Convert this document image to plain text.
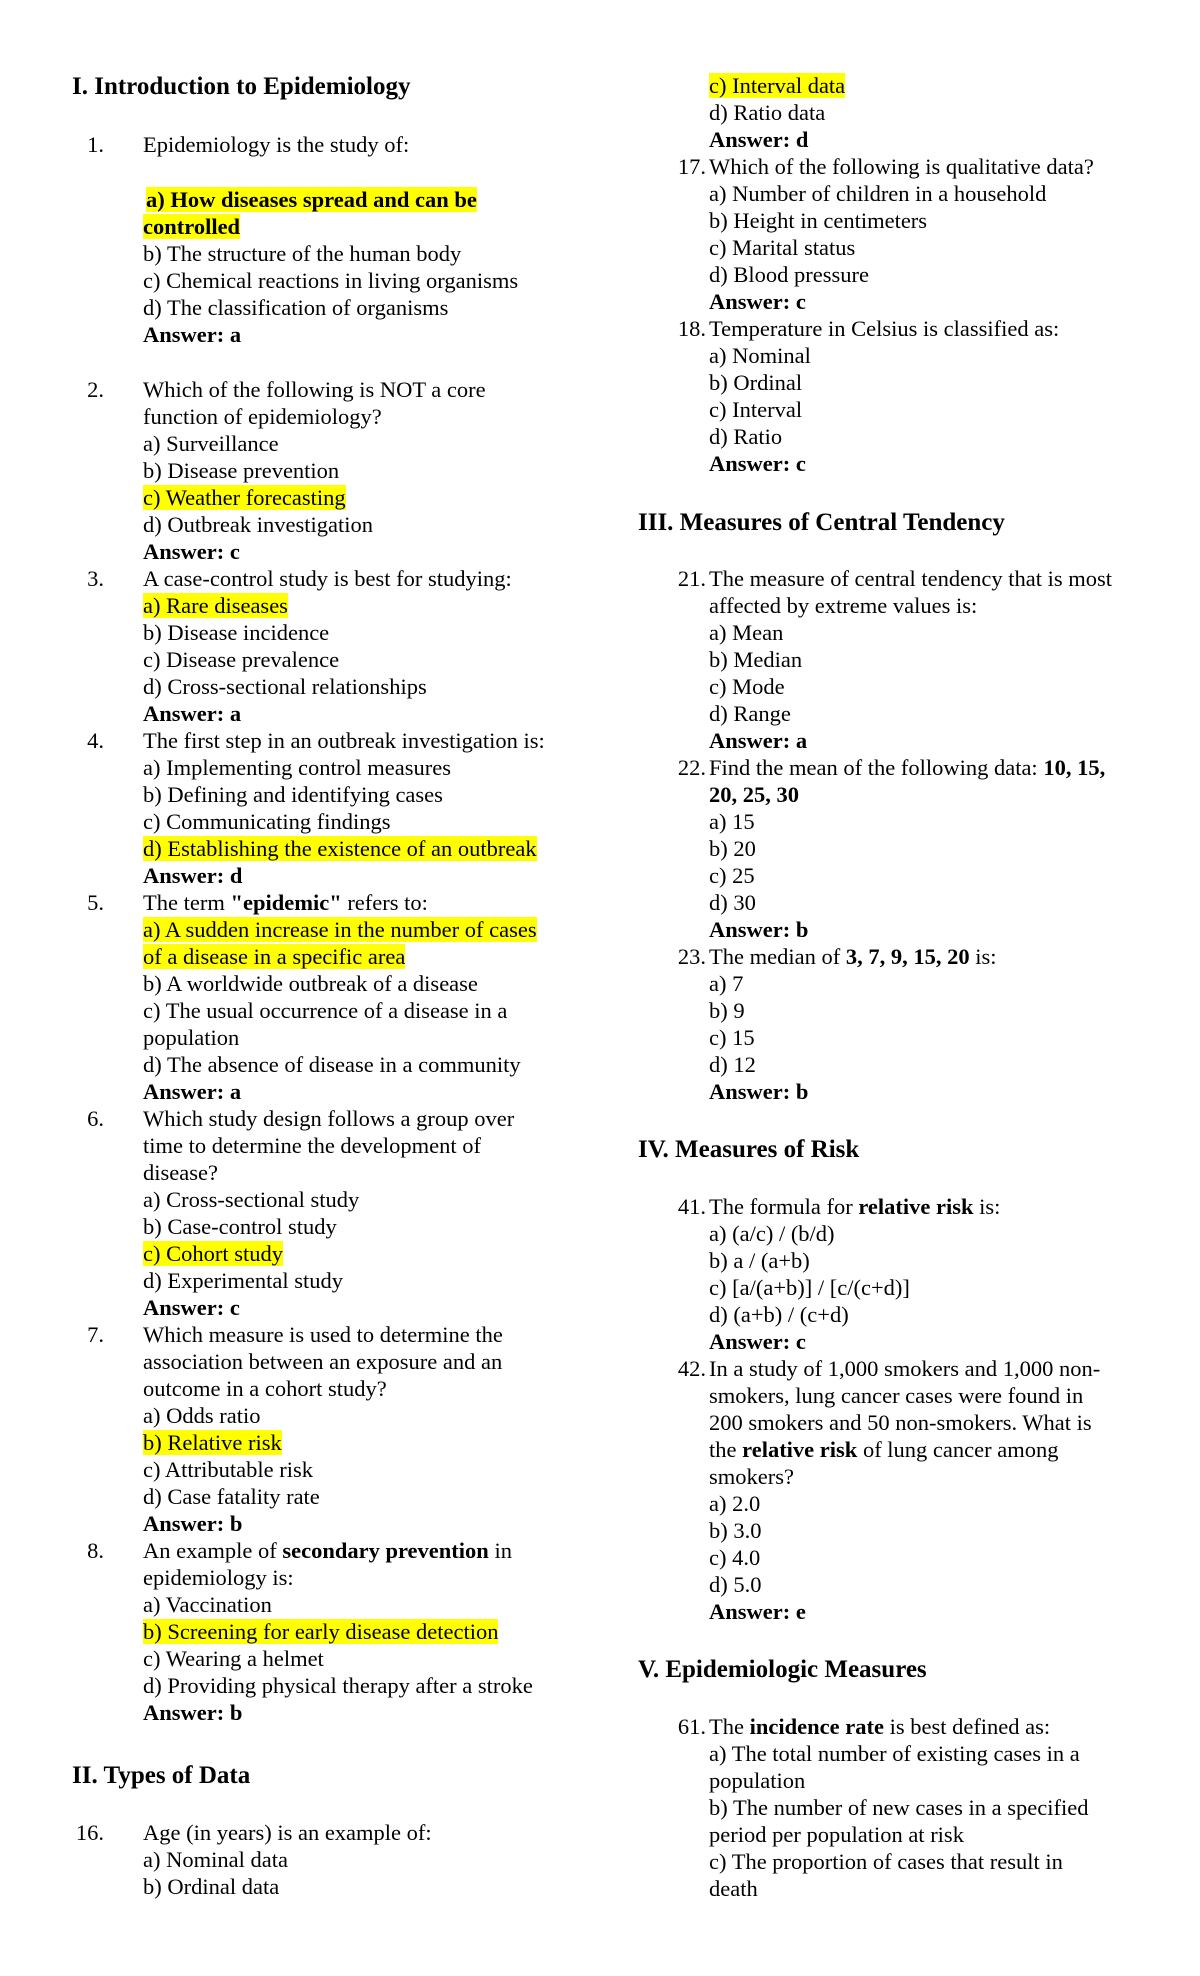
I. Introduction to Epidemiology
1. Epidemiology is the study of:
a) How diseases spread and can be
controlled
b) The structure of the human body
c) Chemical reactions in living organisms
d) The classification of organisms
Answer: a
2. Which of the following is NOT a core
function of epidemiology?
a) Surveillance
b) Disease prevention
c) Weather forecasting
d) Outbreak investigation
Answer: c
3. A case-control study is best for studying:
a) Rare diseases
b) Disease incidence
c) Disease prevalence
d) Cross-sectional relationships
Answer: a
4. The first step in an outbreak investigation is:
a) Implementing control measures
b) Defining and identifying cases
c) Communicating findings
d) Establishing the existence of an outbreak
Answer: d
5. The term "epidemic" refers to:
a) A sudden increase in the number of cases
of a disease in a specific area
b) A worldwide outbreak of a disease
c) The usual occurrence of a disease in a
population
d) The absence of disease in a community
Answer: a
6. Which study design follows a group over
time to determine the development of
disease?
a) Cross-sectional study
b) Case-control study
c) Cohort study
d) Experimental study
Answer: c
7. Which measure is used to determine the
association between an exposure and an
outcome in a cohort study?
a) Odds ratio
b) Relative risk
c) Attributable risk
d) Case fatality rate
Answer: b
8. An example of secondary prevention in
epidemiology is:
a) Vaccination
b) Screening for early disease detection
c) Wearing a helmet
d) Providing physical therapy after a stroke
Answer: b
II. Types of Data
16. Age (in years) is an example of:
a) Nominal data
b) Ordinal data
c) Interval data
d) Ratio data
Answer: d
17. Which of the following is qualitative data?
a) Number of children in a household
b) Height in centimeters
c) Marital status
d) Blood pressure
Answer: c
18. Temperature in Celsius is classified as:
a) Nominal
b) Ordinal
c) Interval
d) Ratio
Answer: c
III. Measures of Central Tendency
21. The measure of central tendency that is most
affected by extreme values is:
a) Mean
b) Median
c) Mode
d) Range
Answer: a
22. Find the mean of the following data: 10, 15,
20, 25, 30
a) 15
b) 20
c) 25
d) 30
Answer: b
23. The median of 3, 7, 9, 15, 20 is:
a) 7
b) 9
c) 15
d) 12
Answer: b
IV. Measures of Risk
41. The formula for relative risk is:
a) (a/c) / (b/d)
b) a / (a+b)
c) [a/(a+b)] / [c/(c+d)]
d) (a+b) / (c+d)
Answer: c
42. In a study of 1,000 smokers and 1,000 non-
smokers, lung cancer cases were found in
200 smokers and 50 non-smokers. What is
the relative risk of lung cancer among
smokers?
a) 2.0
b) 3.0
c) 4.0
d) 5.0
Answer: e
V. Epidemiologic Measures
61. The incidence rate is best defined as:
a) The total number of existing cases in a
population
b) The number of new cases in a specified
period per population at risk
c) The proportion of cases that result in
death
